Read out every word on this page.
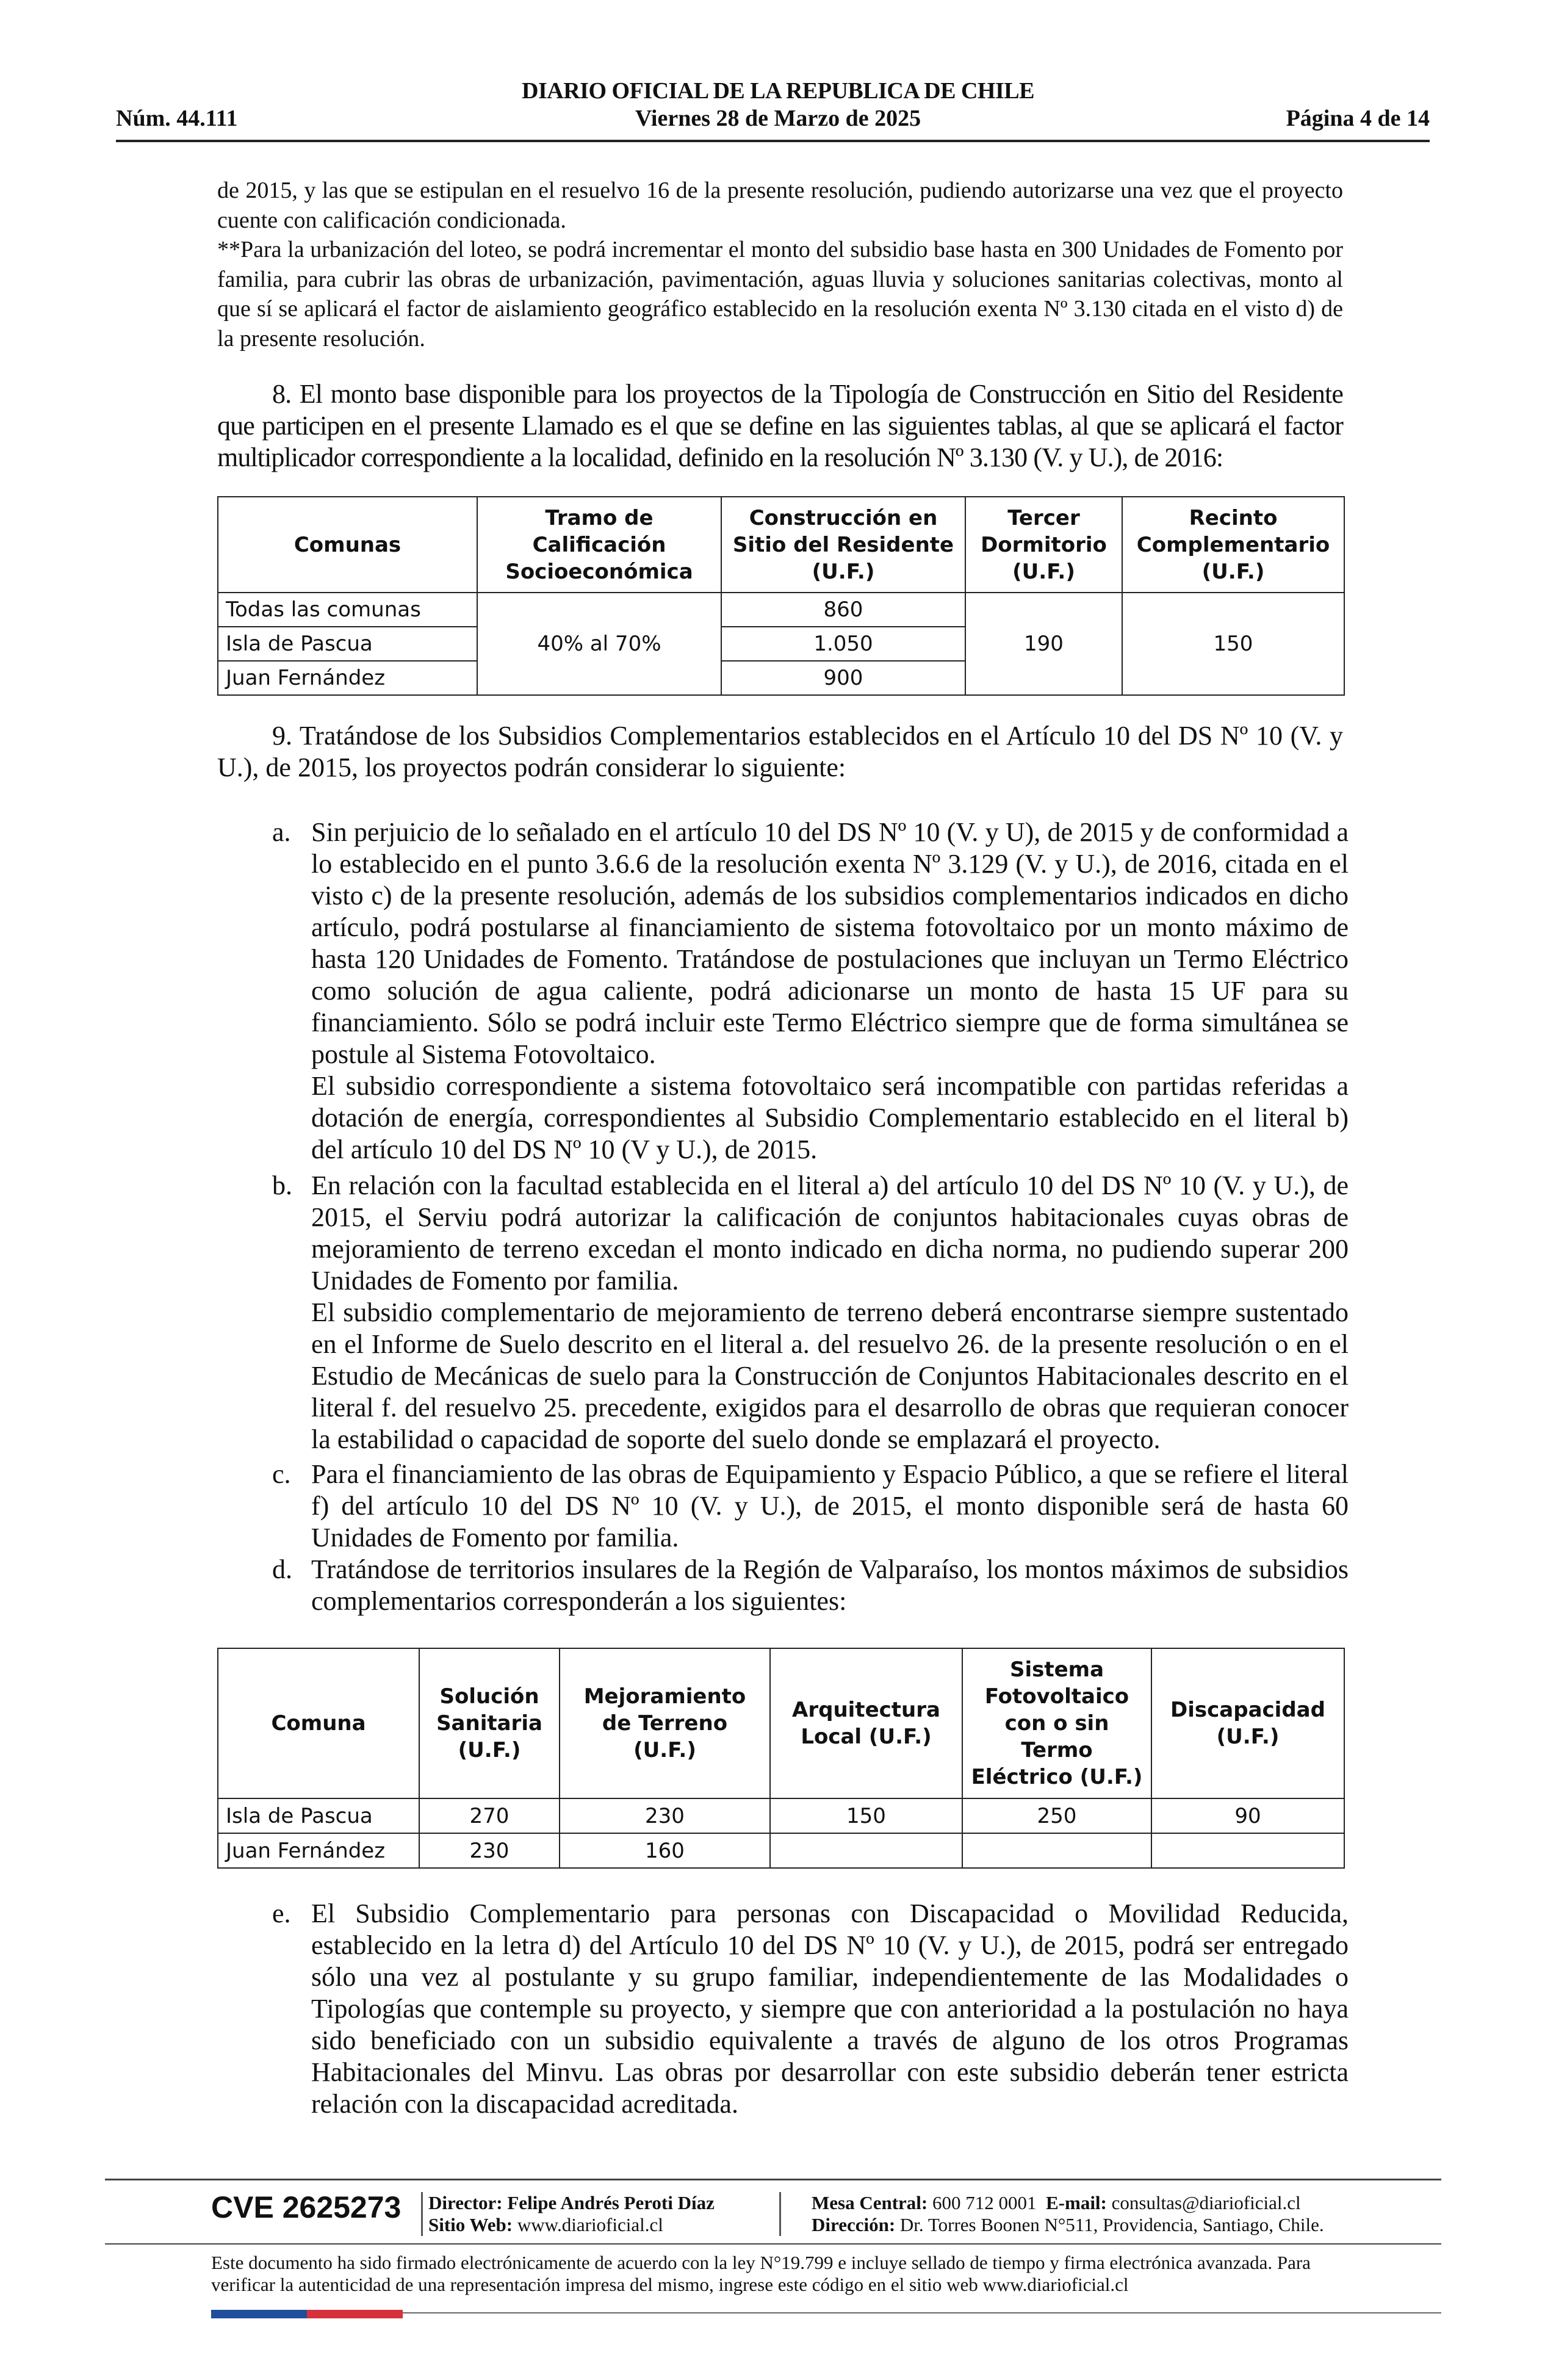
Núm. 44.111
DIARIO OFICIAL DE LA REPUBLICA DE CHILE
Viernes 28 de Marzo de 2025	Página 4 de 14
de 2015, y las que se estipulan en el resuelvo 16 de la presente resolución, pudiendo autorizarse una vez que el proyecto cuente con calificación condicionada.
**Para la urbanización del loteo, se podrá incrementar el monto del subsidio base hasta en 300 Unidades de Fomento por familia, para cubrir las obras de urbanización, pavimentación, aguas lluvia y soluciones sanitarias colectivas, monto al que sí se aplicará el factor de aislamiento geográfico establecido en la resolución exenta Nº 3.130 citada en el visto d) de la presente resolución.
8. El monto base disponible para los proyectos de la Tipología de Construcción en Sitio del Residente que participen en el presente Llamado es el que se define en las siguientes tablas, al que se aplicará el factor multiplicador correspondiente a la localidad, definido en la resolución Nº 3.130 (V. y U.), de 2016:
Comunas	Tramo de Calificación Socioeconómica	Construcción en Sitio del Residente (U.F.)	Tercer Dormitorio (U.F.)	Recinto Complementario (U.F.)
Todas las comunas	40% al 70%	860	190	150
Isla de Pascua		1.050		
Juan Fernández		900		
9. Tratándose de los Subsidios Complementarios establecidos en el Artículo 10 del DS Nº 10 (V. y U.), de 2015, los proyectos podrán considerar lo siguiente:
a. Sin perjuicio de lo señalado en el artículo 10 del DS Nº 10 (V. y U), de 2015 y de conformidad a lo establecido en el punto 3.6.6 de la resolución exenta Nº 3.129 (V. y U.), de 2016, citada en el visto c) de la presente resolución, además de los subsidios complementarios indicados en dicho artículo, podrá postularse al financiamiento de sistema fotovoltaico por un monto máximo de hasta 120 Unidades de Fomento. Tratándose de postulaciones que incluyan un Termo Eléctrico como solución de agua caliente, podrá adicionarse un monto de hasta 15 UF para su financiamiento. Sólo se podrá incluir este Termo Eléctrico siempre que de forma simultánea se postule al Sistema Fotovoltaico.

El subsidio correspondiente a sistema fotovoltaico será incompatible con partidas referidas a dotación de energía, correspondientes al Subsidio Complementario establecido en el literal b) del artículo 10 del DS Nº 10 (V y U.), de 2015.

b. En relación con la facultad establecida en el literal a) del artículo 10 del DS Nº 10 (V. y U.), de 2015, el Serviu podrá autorizar la calificación de conjuntos habitacionales cuyas obras de mejoramiento de terreno excedan el monto indicado en dicha norma, no pudiendo superar 200 Unidades de Fomento por familia.

El subsidio complementario de mejoramiento de terreno deberá encontrarse siempre sustentado en el Informe de Suelo descrito en el literal a. del resuelvo 26. de la presente resolución o en el Estudio de Mecánicas de suelo para la Construcción de Conjuntos Habitacionales descrito en el literal f. del resuelvo 25. precedente, exigidos para el desarrollo de obras que requieran conocer la estabilidad o capacidad de soporte del suelo donde se emplazará el proyecto.

c. Para el financiamiento de las obras de Equipamiento y Espacio Público, a que se refiere el literal f) del artículo 10 del DS Nº 10 (V. y U.), de 2015, el monto disponible será de hasta 60 Unidades de Fomento por familia.

d. Tratándose de territorios insulares de la Región de Valparaíso, los montos máximos de subsidios complementarios corresponderán a los siguientes:

Comuna	Solución Sanitaria (U.F.)	Mejoramiento de Terreno (U.F.)	Arquitectura Local (U.F.)	Sistema Fotovoltaico con o sin Termo Eléctrico (U.F.)	Discapacidad (U.F.)
Isla de Pascua	270	230	150	250	90
Juan Fernández	230	160			
e. El Subsidio Complementario para personas con Discapacidad o Movilidad Reducida, establecido en la letra d) del Artículo 10 del DS Nº 10 (V. y U.), de 2015, podrá ser entregado sólo una vez al postulante y su grupo familiar, independientemente de las Modalidades o Tipologías que contemple su proyecto, y siempre que con anterioridad a la postulación no haya sido beneficiado con un subsidio equivalente a través de alguno de los otros Programas Habitacionales del Minvu. Las obras por desarrollar con este subsidio deberán tener estricta relación con la discapacidad acreditada.

CVE 2625273 Director: Felipe Andrés Peroti Díaz
Sitio Web: www.diarioficial.cl
Mesa Central: 600 712 0001 E-mail: consultas@diarioficial.cl
Dirección: Dr. Torres Boonen N°511, Providencia, Santiago, Chile.
Este documento ha sido firmado electrónicamente de acuerdo con la ley N°19.799 e incluye sellado de tiempo y firma electrónica avanzada. Para verificar la autenticidad de una representación impresa del mismo, ingrese este código en el sitio web www.diarioficial.cl
